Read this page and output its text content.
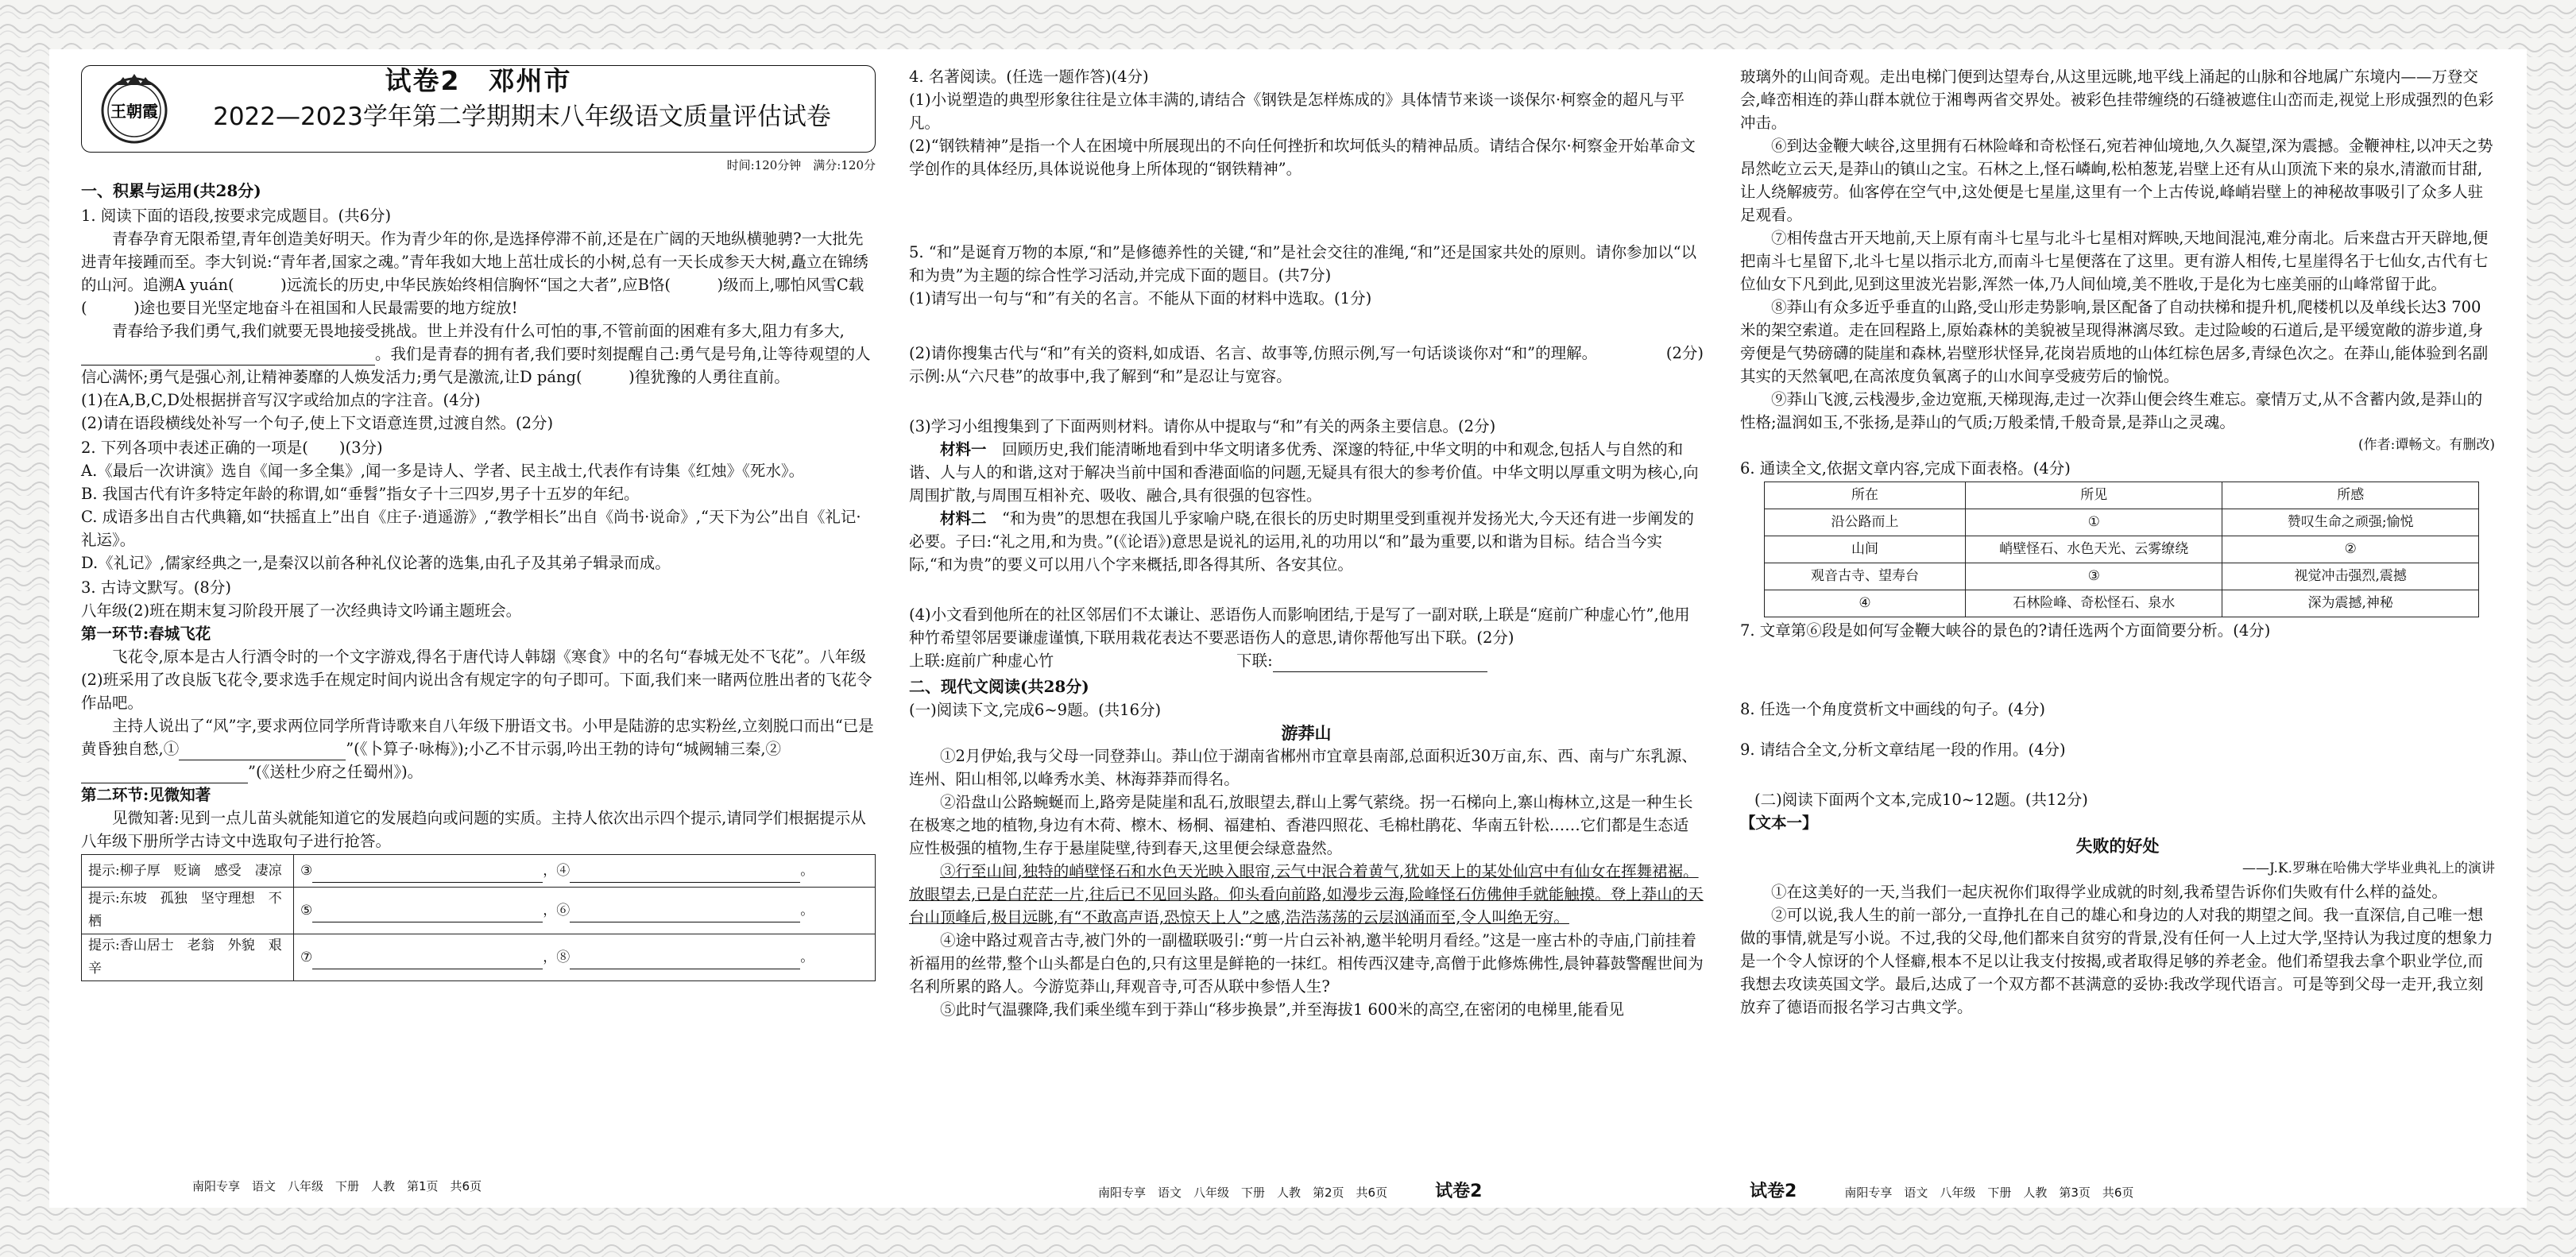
王朝霞
试卷2　邓州市
2022—2023学年第二学期期末八年级语文质量评估试卷

时间:120分钟　满分:120分

一、积累与运用(共28分)

1. 阅读下面的语段,按要求完成题目。(共6分)

青春孕育无限希望,青年创造美好明天。作为青少年的你,是选择停滞不前,还是在广阔的天地纵横驰骋?一大批先进青年接踵而至。李大钊说:“青年者,国家之魂。”青年我如大地上茁壮成长的小树,总有一天长成参天大树,矗立在锦绣的山河。追溯A yuán(　　　)远流长的历史,中华民族始终相信胸怀“国之大者”,应B恪(　　　)级而上,哪怕风雪C载(　　　)途也要目光坚定地奋斗在祖国和人民最需要的地方绽放!

青春给予我们勇气,我们就要无畏地接受挑战。世上并没有什么可怕的事,不管前面的困难有多大,阻力有多大,。我们是青春的拥有者,我们要时刻提醒自己:勇气是号角,让等待观望的人信心满怀;勇气是强心剂,让精神萎靡的人焕发活力;勇气是激流,让D páng(　　　)徨犹豫的人勇往直前。

(1)在A,B,C,D处根据拼音写汉字或给加点的字注音。(4分)

(2)请在语段横线处补写一个句子,使上下文语意连贯,过渡自然。(2分)

2. 下列各项中表述正确的一项是(　　)(3分)

A.《最后一次讲演》选自《闻一多全集》,闻一多是诗人、学者、民主战士,代表作有诗集《红烛》《死水》。

B. 我国古代有许多特定年龄的称谓,如“垂髫”指女子十三四岁,男子十五岁的年纪。

C. 成语多出自古代典籍,如“扶摇直上”出自《庄子·逍遥游》,“教学相长”出自《尚书·说命》,“天下为公”出自《礼记·礼运》。

D.《礼记》,儒家经典之一,是秦汉以前各种礼仪论著的选集,由孔子及其弟子辑录而成。

3. 古诗文默写。(8分)

八年级(2)班在期末复习阶段开展了一次经典诗文吟诵主题班会。

第一环节:春城飞花

飞花令,原本是古人行酒令时的一个文字游戏,得名于唐代诗人韩翃《寒食》中的名句“春城无处不飞花”。八年级(2)班采用了改良版飞花令,要求选手在规定时间内说出含有规定字的句子即可。下面,我们来一睹两位胜出者的飞花令作品吧。

主持人说出了“风”字,要求两位同学所背诗歌来自八年级下册语文书。小甲是陆游的忠实粉丝,立刻脱口而出“已是黄昏独自愁,①	”(《卜算子·咏梅》);小乙不甘示弱,吟出王勃的诗句“城阙辅三秦,②”(《送杜少府之任蜀州》)。

第二环节:见微知著

见微知著:见到一点儿苗头就能知道它的发展趋向或问题的实质。主持人依次出示四个提示,请同学们根据提示从八年级下册所学古诗文中选取句子进行抢答。

提示:柳子厚　贬谪　感受　凄凉	③ ，④ 。
提示:东坡　孤独　坚守理想　不栖	⑤ ，⑥ 。
提示:香山居士　老翁　外貌　艰辛	⑦ ，⑧ 。
南阳专享　语文　八年级　下册　人教　第1页　共6页

4. 名著阅读。(任选一题作答)(4分)

(1)小说塑造的典型形象往往是立体丰满的,请结合《钢铁是怎样炼成的》具体情节来谈一谈保尔·柯察金的超凡与平凡。

(2)“钢铁精神”是指一个人在困境中所展现出的不向任何挫折和坎坷低头的精神品质。请结合保尔·柯察金开始革命文学创作的具体经历,具体说说他身上所体现的“钢铁精神”。

5. “和”是诞育万物的本原,“和”是修德养性的关键,“和”是社会交往的准绳,“和”还是国家共处的原则。请你参加以“以和为贵”为主题的综合性学习活动,并完成下面的题目。(共7分)

(1)请写出一句与“和”有关的名言。不能从下面的材料中选取。(1分)

(2)请你搜集古代与“和”有关的资料,如成语、名言、故事等,仿照示例,写一句话谈谈你对“和”的理解。	(2分)

示例:从“六尺巷”的故事中,我了解到“和”是忍让与宽容。

(3)学习小组搜集到了下面两则材料。请你从中提取与“和”有关的两条主要信息。(2分)

材料一　 回顾历史,我们能清晰地看到中华文明诸多优秀、深邃的特征,中华文明的中和观念,包括人与自然的和谐、人与人的和谐,这对于解决当前中国和香港面临的问题,无疑具有很大的参考价值。中华文明以厚重文明为核心,向周围扩散,与周围互相补充、吸收、融合,具有很强的包容性。

材料二　 “和为贵”的思想在我国儿乎家喻户晓,在很长的历史时期里受到重视并发扬光大,今天还有进一步阐发的必要。子曰:“礼之用,和为贵。”(《论语》)意思是说礼的运用,礼的功用以“和”最为重要,以和谐为目标。结合当今实际,“和为贵”的要义可以用八个字来概括,即各得其所、各安其位。

(4)小文看到他所在的社区邻居们不太谦让、恶语伤人而影响团结,于是写了一副对联,上联是“庭前广种虚心竹”,他用种竹希望邻居要谦虚谨慎,下联用栽花表达不要恶语伤人的意思,请你帮他写出下联。(2分)

上联:庭前广种虚心竹	下联:

二、现代文阅读(共28分)

(一)阅读下文,完成6~9题。(共16分)

游莽山

①2月伊始,我与父母一同登莽山。莽山位于湖南省郴州市宜章县南部,总面积近30万亩,东、西、南与广东乳源、连州、阳山相邻,以峰秀水美、林海莽莽而得名。

②沿盘山公路蜿蜒而上,路旁是陡崖和乱石,放眼望去,群山上雾气萦绕。拐一石梯向上,寨山梅林立,这是一种生长在极寒之地的植物,身边有木荷、檫木、杨桐、福建柏、香港四照花、毛棉杜鹃花、华南五针松……它们都是生态适应性极强的植物,生存于悬崖陡壁,待到春天,这里便会绿意盎然。

③行至山间,独特的峭壁怪石和水色天光映入眼帘,云气中泯合着黄气,犹如天上的某处仙宫中有仙女在挥舞裙裾。放眼望去,已是白茫茫一片,往后已不见回头路。仰头看向前路,如漫步云海,险峰怪石仿佛伸手就能触摸。登上莽山的天台山顶峰后,极目远眺,有“不敢高声语,恐惊天上人”之感,浩浩荡荡的云层汹涌而至,令人叫绝无穷。

④途中路过观音古寺,被门外的一副楹联吸引:“剪一片白云补衲,邀半轮明月看经。”这是一座古朴的寺庙,门前挂着祈福用的丝带,整个山头都是白色的,只有这里是鲜艳的一抹红。相传西汉建寺,高僧于此修炼佛性,晨钟暮鼓警醒世间为名利所累的路人。今游览莽山,拜观音寺,可否从联中参悟人生?

⑤此时气温骤降,我们乘坐缆车到于莽山“移步换景”,并至海拔1 600米的高空,在密闭的电梯里,能看见

南阳专享　语文　八年级　下册　人教　第2页　共6页　　　　	试卷2

玻璃外的山间奇观。走出电梯门便到达望寿台,从这里远眺,地平线上涌起的山脉和谷地属广东境内——万登交会,峰峦相连的莽山群本就位于湘粤两省交界处。被彩色挂带缠绕的石缝被遮住山峦而走,视觉上形成强烈的色彩冲击。

⑥到达金鞭大峡谷,这里拥有石林险峰和奇松怪石,宛若神仙境地,久久凝望,深为震撼。金鞭神柱,以冲天之势昂然屹立云天,是莽山的镇山之宝。石林之上,怪石嶙峋,松柏葱茏,岩壁上还有从山顶流下来的泉水,清澈而甘甜,让人绕解疲劳。仙客停在空气中,这处便是七星崖,这里有一个上古传说,峰峭岩壁上的神秘故事吸引了众多人驻足观看。

⑦相传盘古开天地前,天上原有南斗七星与北斗七星相对辉映,天地间混沌,难分南北。后来盘古开天辟地,便把南斗七星留下,北斗七星以指示北方,而南斗七星便落在了这里。更有游人相传,七星崖得名于七仙女,古代有七位仙女下凡到此,见到这里波光岩影,浑然一体,乃人间仙境,美不胜收,于是化为七座美丽的山峰常留于此。

⑧莽山有众多近乎垂直的山路,受山形走势影响,景区配备了自动扶梯和提升机,爬楼机以及单线长达3 700米的架空索道。走在回程路上,原始森林的美貌被呈现得淋漓尽致。走过险峻的石道后,是平缓宽敞的游步道,身旁便是气势磅礴的陡崖和森林,岩壁形状怪异,花岗岩质地的山体红棕色居多,青绿色次之。在莽山,能体验到名副其实的天然氧吧,在高浓度负氧离子的山水间享受疲劳后的愉悦。

⑨莽山飞渡,云栈漫步,金边宽瓶,天梯现海,走过一次莽山便会终生难忘。豪情万丈,从不含蓄内敛,是莽山的性格;温润如玉,不张扬,是莽山的气质;万般柔情,千般奇景,是莽山之灵魂。

(作者:谭畅文。有删改)

6. 通读全文,依据文章内容,完成下面表格。(4分)

所在	所见	所感
沿公路而上	①	赞叹生命之顽强;愉悦
山间	峭壁怪石、水色天光、云雾缭绕	②
观音古寺、望寿台	③	视觉冲击强烈,震撼
④	石林险峰、奇松怪石、泉水	深为震撼,神秘

7. 文章第⑥段是如何写金鞭大峡谷的景色的?请任选两个方面简要分析。(4分)

8. 任选一个角度赏析文中画线的句子。(4分)

9. 请结合全文,分析文章结尾一段的作用。(4分)

(二)阅读下面两个文本,完成10~12题。(共12分)

【文本一】

失败的好处

——J.K.罗琳在哈佛大学毕业典礼上的演讲

①在这美好的一天,当我们一起庆祝你们取得学业成就的时刻,我希望告诉你们失败有什么样的益处。

②可以说,我人生的前一部分,一直挣扎在自己的雄心和身边的人对我的期望之间。我一直深信,自己唯一想做的事情,就是写小说。不过,我的父母,他们都来自贫穷的背景,没有任何一人上过大学,坚持认为我过度的想象力是一个令人惊讶的个人怪癖,根本不足以让我支付按揭,或者取得足够的养老金。他们希望我去拿个职业学位,而我想去攻读英国文学。最后,达成了一个双方都不甚满意的妥协:我改学现代语言。可是等到父母一走开,我立刻放弃了德语而报名学习古典文学。

试卷2　　　　	南阳专享　语文　八年级　下册　人教　第3页　共6页
